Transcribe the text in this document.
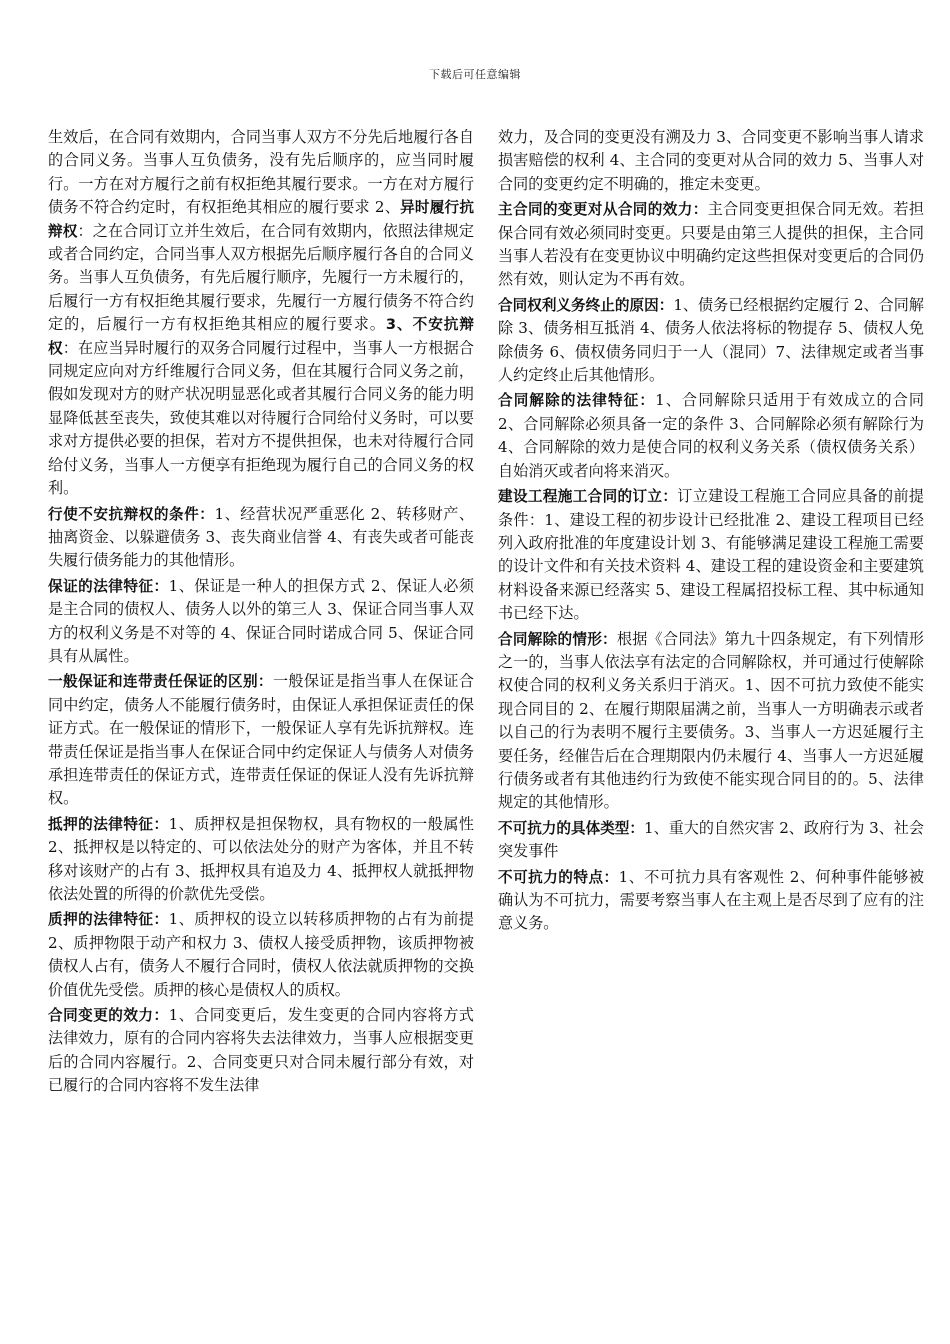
下载后可任意编辑

生效后，在合同有效期内，合同当事人双方不分先后地履行各自的合同义务。当事人互负债务，没有先后顺序的，应当同时履行。一方在对方履行之前有权拒绝其履行要求。一方在对方履行债务不符合约定时，有权拒绝其相应的履行要求 2、异时履行抗辩权：之在合同订立并生效后，在合同有效期内，依照法律规定或者合同约定，合同当事人双方根据先后顺序履行各自的合同义务。当事人互负债务，有先后履行顺序，先履行一方未履行的，后履行一方有权拒绝其履行要求，先履行一方履行债务不符合约定的，后履行一方有权拒绝其相应的履行要求。3、不安抗辩权：在应当异时履行的双务合同履行过程中，当事人一方根据合同规定应向对方纤维履行合同义务，但在其履行合同义务之前，假如发现对方的财产状况明显恶化或者其履行合同义务的能力明显降低甚至丧失，致使其难以对待履行合同给付义务时，可以要求对方提供必要的担保，若对方不提供担保，也未对待履行合同给付义务，当事人一方便享有拒绝现为履行自己的合同义务的权利。

行使不安抗辩权的条件：1、经营状况严重恶化 2、转移财产、抽离资金、以躲避债务 3、丧失商业信誉 4、有丧失或者可能丧失履行债务能力的其他情形。

保证的法律特征：1、保证是一种人的担保方式 2、保证人必须是主合同的债权人、债务人以外的第三人 3、保证合同当事人双方的权利义务是不对等的 4、保证合同时诺成合同 5、保证合同具有从属性。

一般保证和连带责任保证的区别：一般保证是指当事人在保证合同中约定，债务人不能履行债务时，由保证人承担保证责任的保证方式。在一般保证的情形下，一般保证人享有先诉抗辩权。连带责任保证是指当事人在保证合同中约定保证人与债务人对债务承担连带责任的保证方式，连带责任保证的保证人没有先诉抗辩权。

抵押的法律特征：1、质押权是担保物权，具有物权的一般属性 2、抵押权是以特定的、可以依法处分的财产为客体，并且不转移对该财产的占有 3、抵押权具有追及力 4、抵押权人就抵押物依法处置的所得的价款优先受偿。

质押的法律特征：1、质押权的设立以转移质押物的占有为前提 2、质押物限于动产和权力 3、债权人接受质押物，该质押物被债权人占有，债务人不履行合同时，债权人依法就质押物的交换价值优先受偿。质押的核心是债权人的质权。

合同变更的效力：1、合同变更后，发生变更的合同内容将方式法律效力，原有的合同内容将失去法律效力，当事人应根据变更后的合同内容履行。2、合同变更只对合同未履行部分有效，对已履行的合同内容将不发生法律

效力，及合同的变更没有溯及力 3、合同变更不影响当事人请求损害赔偿的权利 4、主合同的变更对从合同的效力 5、当事人对合同的变更约定不明确的，推定未变更。

主合同的变更对从合同的效力：主合同变更担保合同无效。若担保合同有效必须同时变更。只要是由第三人提供的担保，主合同当事人若没有在变更协议中明确约定这些担保对变更后的合同仍然有效，则认定为不再有效。

合同权利义务终止的原因：1、债务已经根据约定履行 2、合同解除 3、债务相互抵消 4、债务人依法将标的物提存 5、债权人免除债务 6、债权债务同归于一人（混同）7、法律规定或者当事人约定终止后其他情形。

合同解除的法律特征：1、合同解除只适用于有效成立的合同 2、合同解除必须具备一定的条件 3、合同解除必须有解除行为 4、合同解除的效力是使合同的权利义务关系（债权债务关系）自始消灭或者向将来消灭。

建设工程施工合同的订立：订立建设工程施工合同应具备的前提条件：1、建设工程的初步设计已经批准 2、建设工程项目已经列入政府批准的年度建设计划 3、有能够满足建设工程施工需要的设计文件和有关技术资料 4、建设工程的建设资金和主要建筑材料设备来源已经落实 5、建设工程属招投标工程、其中标通知书已经下达。

合同解除的情形：根据《合同法》第九十四条规定，有下列情形之一的，当事人依法享有法定的合同解除权，并可通过行使解除权使合同的权利义务关系归于消灭。1、因不可抗力致使不能实现合同目的 2、在履行期限届满之前，当事人一方明确表示或者以自己的行为表明不履行主要债务。3、当事人一方迟延履行主要任务，经催告后在合理期限内仍未履行 4、当事人一方迟延履行债务或者有其他违约行为致使不能实现合同目的的。5、法律规定的其他情形。

不可抗力的具体类型：1、重大的自然灾害 2、政府行为 3、社会突发事件

不可抗力的特点：1、不可抗力具有客观性 2、何种事件能够被确认为不可抗力，需要考察当事人在主观上是否尽到了应有的注意义务。
